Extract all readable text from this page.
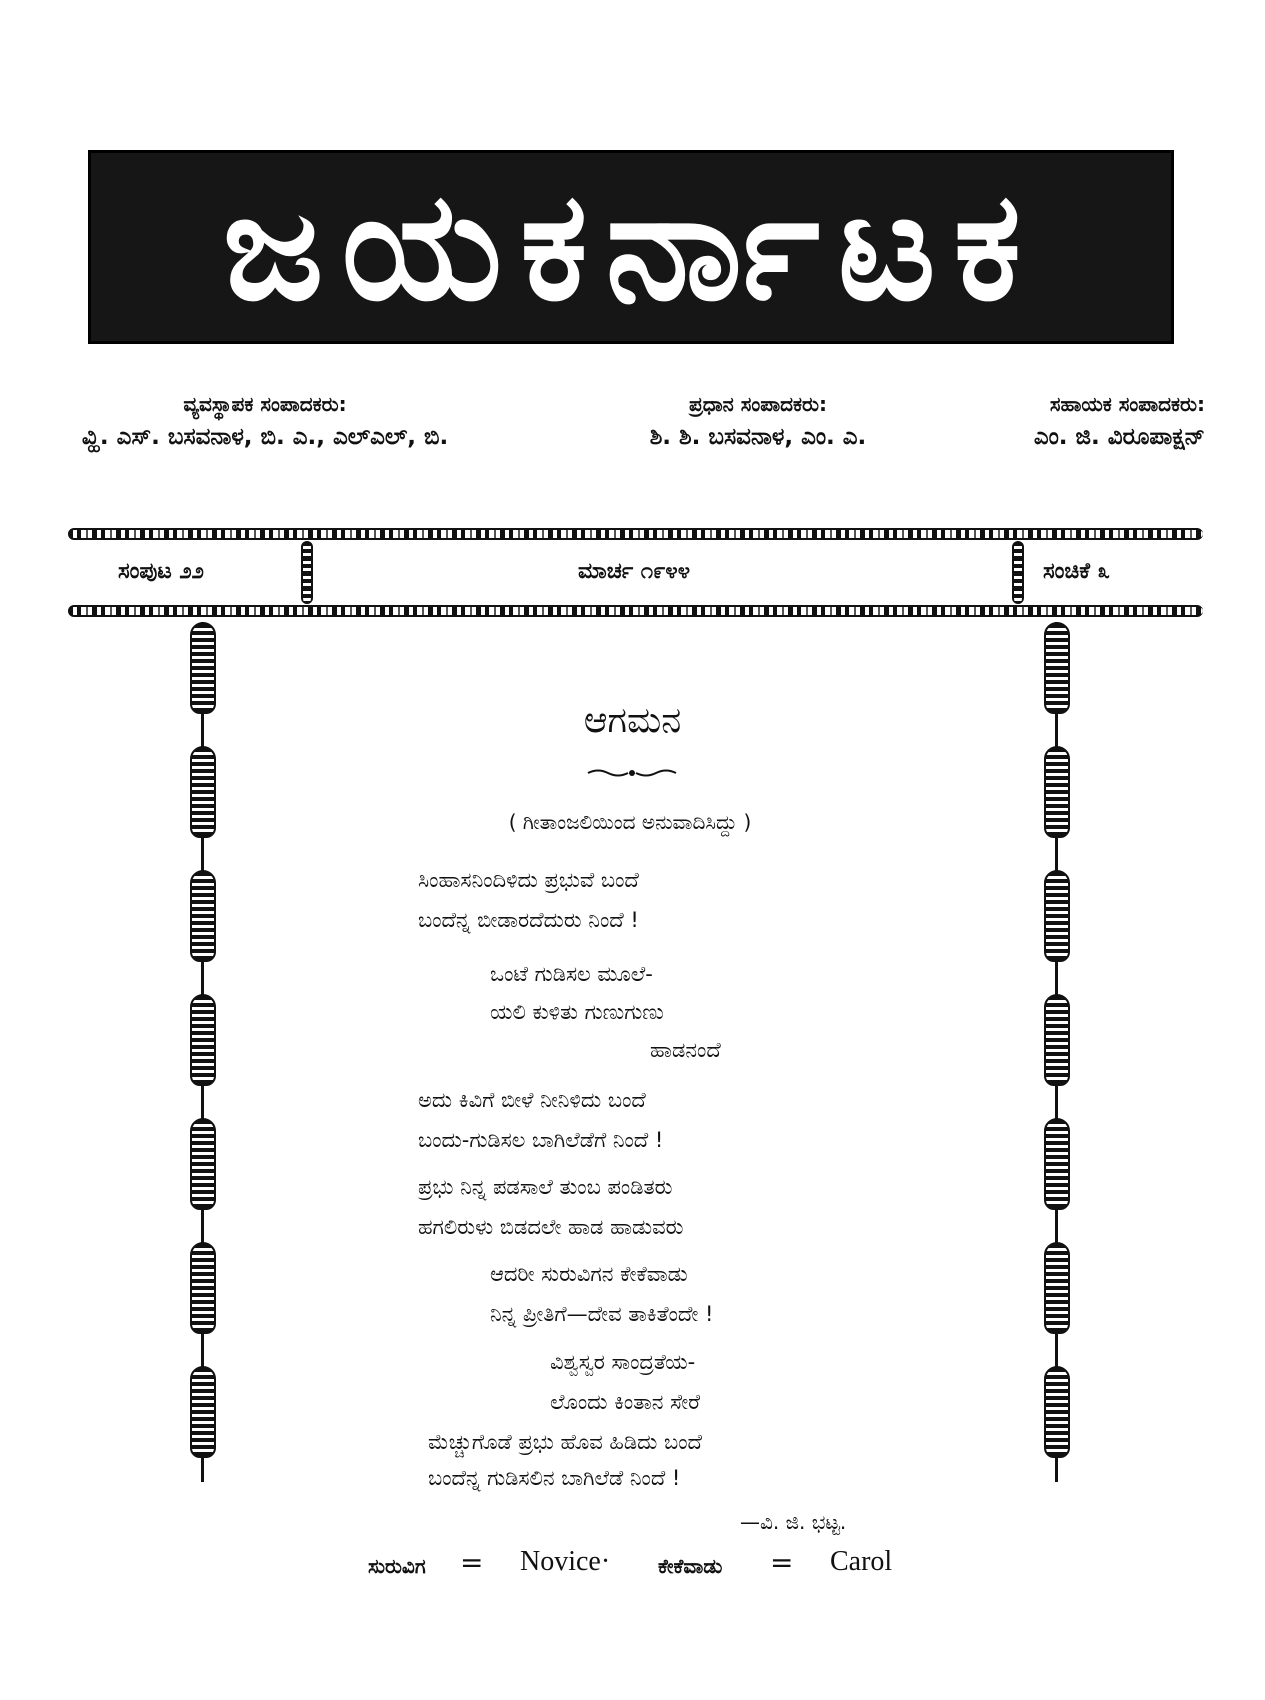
ಜಯಕರ್ನಾಟಕ
ವ್ಯವಸ್ಥಾಪಕ ಸಂಪಾದಕರು:
ವ್ಹಿ. ಎಸ್. ಬಸವನಾಳ, ಬಿ. ಎ., ಎಲ್‌ಎಲ್, ಬಿ.
ಪ್ರಧಾನ ಸಂಪಾದಕರು:
ಶಿ. ಶಿ. ಬಸವನಾಳ, ಎಂ. ಎ.
ಸಹಾಯಕ ಸಂಪಾದಕರು:
ಎಂ. ಜಿ. ವಿರೂಪಾಕ್ಷನ್
ಸಂಪುಟ ೨೨	ಮಾರ್ಚ ೧೯೪೪	ಸಂಚಿಕೆ ೩
ಆಗಮನ
( ಗೀತಾಂಜಲಿಯಿಂದ ಅನುವಾದಿಸಿದ್ದು )
ಸಿಂಹಾಸನಿಂದಿಳಿದು ಪ್ರಭುವೆ ಬಂದೆ
ಬಂದೆನ್ನ ಬೀಡಾರದೆದುರು ನಿಂದೆ !
ಒಂಟೆ ಗುಡಿಸಲ ಮೂಲೆ-
ಯಲಿ ಕುಳಿತು ಗುಣುಗುಣು
ಹಾಡನಂದೆ
ಅದು ಕಿವಿಗೆ ಬೀಳೆ ನೀನಿಳಿದು ಬಂದೆ
ಬಂದು-ಗುಡಿಸಲ ಬಾಗಿಲೆಡೆಗೆ ನಿಂದೆ !
ಪ್ರಭು ನಿನ್ನ ಪಡಸಾಲೆ ತುಂಬ ಪಂಡಿತರು
ಹಗಲಿರುಳು ಬಿಡದಲೇ ಹಾಡ ಹಾಡುವರು
ಆದರೀ ಸುರುವಿಗನ ಕೇಕೆವಾಡು
ನಿನ್ನ ಪ್ರೀತಿಗೆ—ದೇವ ತಾಕಿತೆಂದೇ !
ವಿಶ್ವಸ್ವರ ಸಾಂದ್ರತೆಯ-
ಲೊಂದು ಕಿಂತಾನ ಸೇರೆ
ಮೆಚ್ಚುಗೊಡೆ ಪ್ರಭು ಹೊವ ಹಿಡಿದು ಬಂದೆ
ಬಂದೆನ್ನ ಗುಡಿಸಲಿನ ಬಾಗಿಲೆಡೆ ನಿಂದೆ !
—ವಿ. ಜಿ. ಭಟ್ಟ.
ಸುರುವಿಗ = Novice· ಕೇಕೆವಾಡು = Carol
